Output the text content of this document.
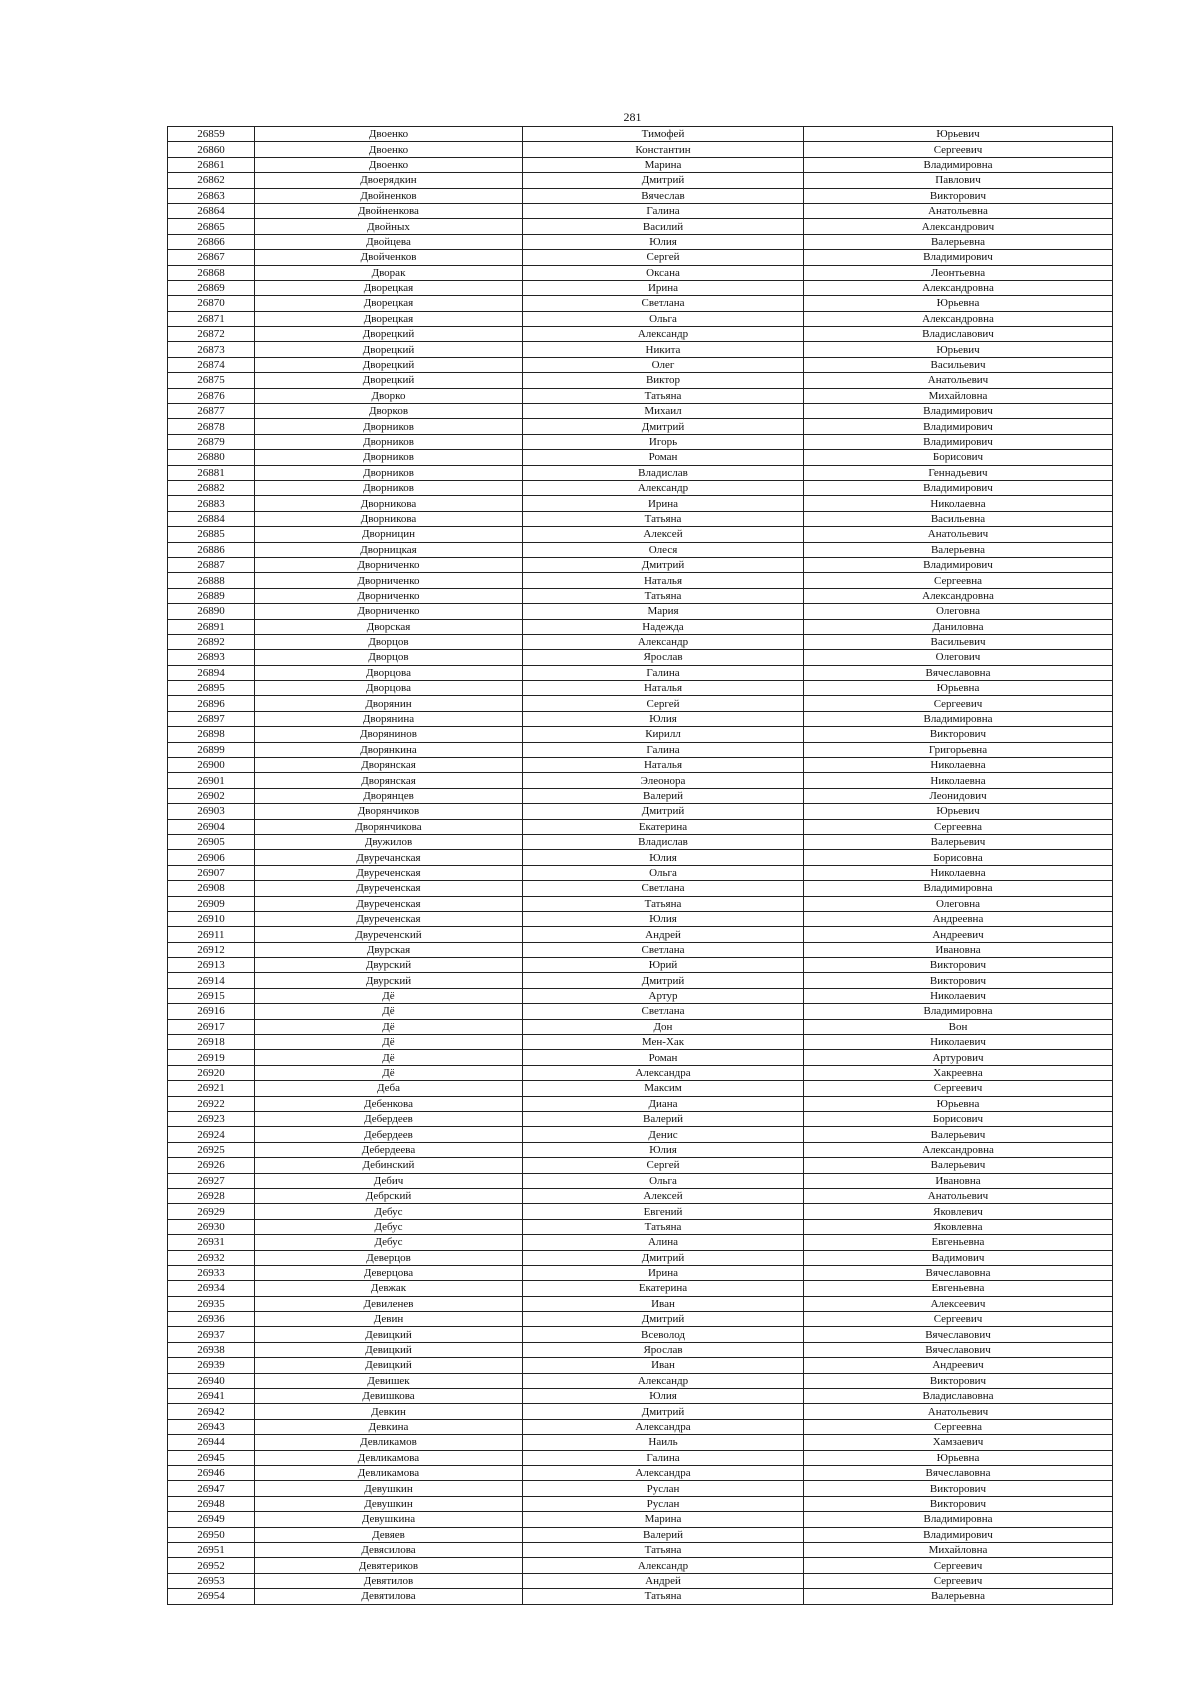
281
26859	Двоенко	Тимофей	Юрьевич
26860	Двоенко	Константин	Сергеевич
26861	Двоенко	Марина	Владимировна
26862	Двоерядкин	Дмитрий	Павлович
26863	Двойненков	Вячеслав	Викторович
26864	Двойненкова	Галина	Анатольевна
26865	Двойных	Василий	Александрович
26866	Двойцева	Юлия	Валерьевна
26867	Двойченков	Сергей	Владимирович
26868	Дворак	Оксана	Леонтьевна
26869	Дворецкая	Ирина	Александровна
26870	Дворецкая	Светлана	Юрьевна
26871	Дворецкая	Ольга	Александровна
26872	Дворецкий	Александр	Владиславович
26873	Дворецкий	Никита	Юрьевич
26874	Дворецкий	Олег	Васильевич
26875	Дворецкий	Виктор	Анатольевич
26876	Дворко	Татьяна	Михайловна
26877	Дворков	Михаил	Владимирович
26878	Дворников	Дмитрий	Владимирович
26879	Дворников	Игорь	Владимирович
26880	Дворников	Роман	Борисович
26881	Дворников	Владислав	Геннадьевич
26882	Дворников	Александр	Владимирович
26883	Дворникова	Ирина	Николаевна
26884	Дворникова	Татьяна	Васильевна
26885	Дворницин	Алексей	Анатольевич
26886	Дворницкая	Олеся	Валерьевна
26887	Дворниченко	Дмитрий	Владимирович
26888	Дворниченко	Наталья	Сергеевна
26889	Дворниченко	Татьяна	Александровна
26890	Дворниченко	Мария	Олеговна
26891	Дворская	Надежда	Даниловна
26892	Дворцов	Александр	Васильевич
26893	Дворцов	Ярослав	Олегович
26894	Дворцова	Галина	Вячеславовна
26895	Дворцова	Наталья	Юрьевна
26896	Дворянин	Сергей	Сергеевич
26897	Дворянина	Юлия	Владимировна
26898	Дворянинов	Кирилл	Викторович
26899	Дворянкина	Галина	Григорьевна
26900	Дворянская	Наталья	Николаевна
26901	Дворянская	Элеонора	Николаевна
26902	Дворянцев	Валерий	Леонидович
26903	Дворянчиков	Дмитрий	Юрьевич
26904	Дворянчикова	Екатерина	Сергеевна
26905	Двужилов	Владислав	Валерьевич
26906	Двуречанская	Юлия	Борисовна
26907	Двуреченская	Ольга	Николаевна
26908	Двуреченская	Светлана	Владимировна
26909	Двуреченская	Татьяна	Олеговна
26910	Двуреченская	Юлия	Андреевна
26911	Двуреченский	Андрей	Андреевич
26912	Двурская	Светлана	Ивановна
26913	Двурский	Юрий	Викторович
26914	Двурский	Дмитрий	Викторович
26915	Дё	Артур	Николаевич
26916	Дё	Светлана	Владимировна
26917	Дё	Дон	Вон
26918	Дё	Мен-Хак	Николаевич
26919	Дё	Роман	Артурович
26920	Дё	Александра	Хакреевна
26921	Деба	Максим	Сергеевич
26922	Дебенкова	Диана	Юрьевна
26923	Дебердеев	Валерий	Борисович
26924	Дебердеев	Денис	Валерьевич
26925	Дебердеева	Юлия	Александровна
26926	Дебинский	Сергей	Валерьевич
26927	Дебич	Ольга	Ивановна
26928	Дебрский	Алексей	Анатольевич
26929	Дебус	Евгений	Яковлевич
26930	Дебус	Татьяна	Яковлевна
26931	Дебус	Алина	Евгеньевна
26932	Деверцов	Дмитрий	Вадимович
26933	Деверцова	Ирина	Вячеславовна
26934	Девжак	Екатерина	Евгеньевна
26935	Девиленев	Иван	Алексеевич
26936	Девин	Дмитрий	Сергеевич
26937	Девицкий	Всеволод	Вячеславович
26938	Девицкий	Ярослав	Вячеславович
26939	Девицкий	Иван	Андреевич
26940	Девишек	Александр	Викторович
26941	Девишкова	Юлия	Владиславовна
26942	Девкин	Дмитрий	Анатольевич
26943	Девкина	Александра	Сергеевна
26944	Девликамов	Наиль	Хамзаевич
26945	Девликамова	Галина	Юрьевна
26946	Девликамова	Александра	Вячеславовна
26947	Девушкин	Руслан	Викторович
26948	Девушкин	Руслан	Викторович
26949	Девушкина	Марина	Владимировна
26950	Девяев	Валерий	Владимирович
26951	Девясилова	Татьяна	Михайловна
26952	Девятериков	Александр	Сергеевич
26953	Девятилов	Андрей	Сергеевич
26954	Девятилова	Татьяна	Валерьевна
